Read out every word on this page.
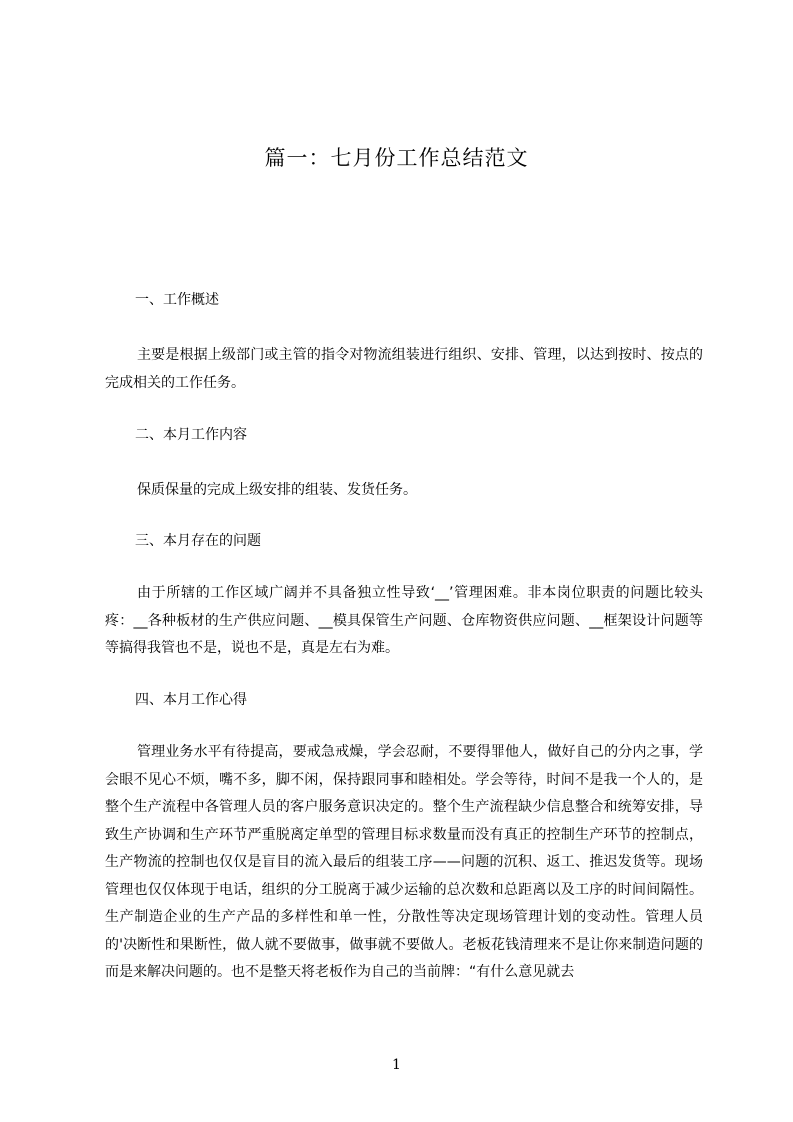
篇一：七月份工作总结范文
一、工作概述
主要是根据上级部门或主管的指令对物流组装进行组织、安排、管理，以达到按时、按点的完成相关的工作任务。
二、本月工作内容
保质保量的完成上级安排的组装、发货任务。
三、本月存在的问题
由于所辖的工作区域广阔并不具备独立性导致‘__’管理困难。非本岗位职责的问题比较头疼：__各种板材的生产供应问题、__模具保管生产问题、仓库物资供应问题、__框架设计问题等等搞得我管也不是，说也不是，真是左右为难。
四、本月工作心得
管理业务水平有待提高，要戒急戒燥，学会忍耐，不要得罪他人，做好自己的分内之事，学会眼不见心不烦，嘴不多，脚不闲，保持跟同事和睦相处。学会等待，时间不是我一个人的，是整个生产流程中各管理人员的客户服务意识决定的。整个生产流程缺少信息整合和统筹安排，导致生产协调和生产环节严重脱离定单型的管理目标求数量而没有真正的控制生产环节的控制点，生产物流的控制也仅仅是盲目的流入最后的组装工序——问题的沉积、返工、推迟发货等。现场管理也仅仅体现于电话，组织的分工脱离于减少运输的总次数和总距离以及工序的时间间隔性。生产制造企业的生产产品的多样性和单一性，分散性等决定现场管理计划的变动性。管理人员的'决断性和果断性，做人就不要做事，做事就不要做人。老板花钱清理来不是让你来制造问题的而是来解决问题的。也不是整天将老板作为自己的当前牌：“有什么意见就去
1
